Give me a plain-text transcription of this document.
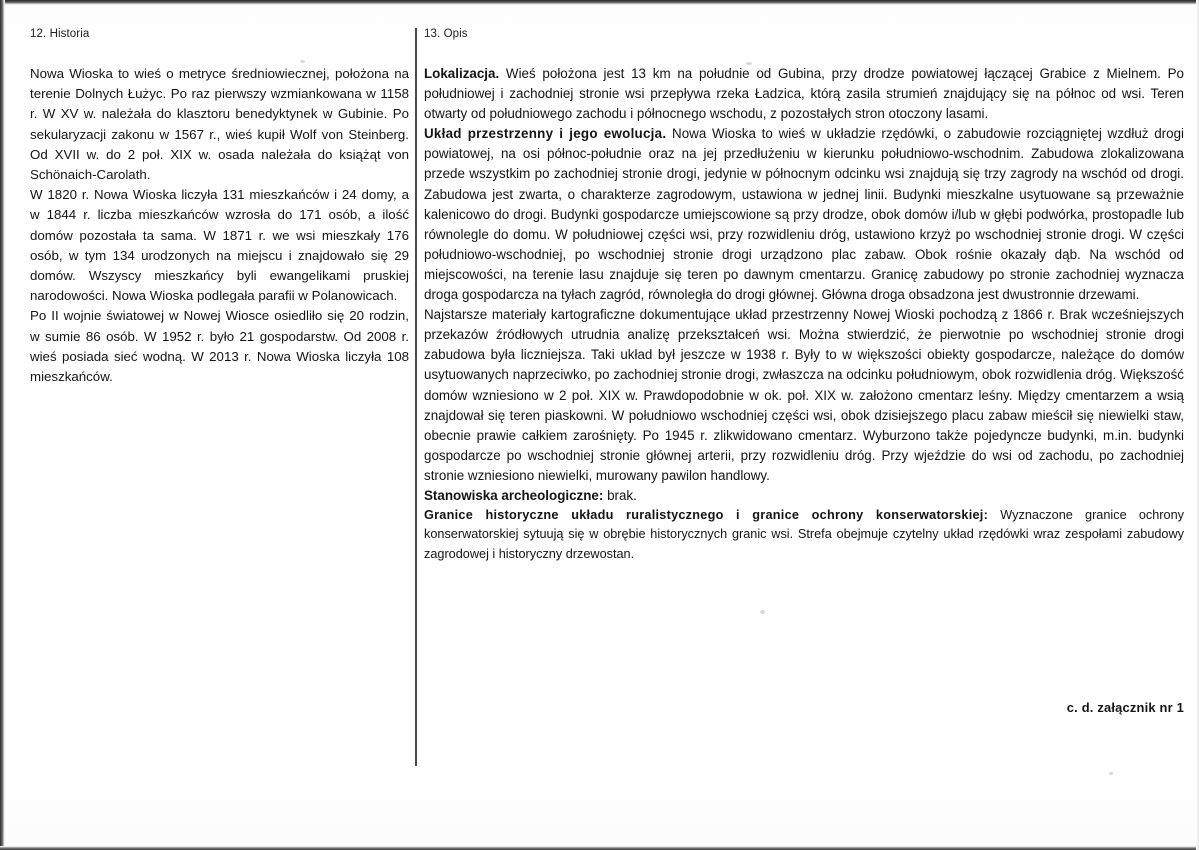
12. Historia

Nowa Wioska to wieś o metryce średniowiecznej, położona na terenie Dolnych Łużyc. Po raz pierwszy wzmiankowana w 1158 r. W XV w. należała do klasztoru benedyktynek w Gubinie. Po sekularyzacji zakonu w 1567 r., wieś kupił Wolf von Steinberg. Od XVII w. do 2 poł. XIX w. osada należała do książąt von Schönaich-Carolath.

W 1820 r. Nowa Wioska liczyła 131 mieszkańców i 24 domy, a w 1844 r. liczba mieszkańców wzrosła do 171 osób, a ilość domów pozostała ta sama. W 1871 r. we wsi mieszkały 176 osób, w tym 134 urodzonych na miejscu i znajdowało się 29 domów. Wszyscy mieszkańcy byli ewangelikami pruskiej narodowości. Nowa Wioska podlegała parafii w Polanowicach.

Po II wojnie światowej w Nowej Wiosce osiedliło się 20 rodzin, w sumie 86 osób. W 1952 r. było 21 gospodarstw. Od 2008 r. wieś posiada sieć wodną. W 2013 r. Nowa Wioska liczyła 108 mieszkańców.

13. Opis

Lokalizacja. Wieś położona jest 13 km na południe od Gubina, przy drodze powiatowej łączącej Grabice z Mielnem. Po południowej i zachodniej stronie wsi przepływa rzeka Ładzica, którą zasila strumień znajdujący się na północ od wsi. Teren otwarty od południowego zachodu i północnego wschodu, z pozostałych stron otoczony lasami.

Układ przestrzenny i jego ewolucja. Nowa Wioska to wieś w układzie rzędówki, o zabudowie rozciągniętej wzdłuż drogi powiatowej, na osi północ-południe oraz na jej przedłużeniu w kierunku południowo-wschodnim. Zabudowa zlokalizowana przede wszystkim po zachodniej stronie drogi, jedynie w północnym odcinku wsi znajdują się trzy zagrody na wschód od drogi. Zabudowa jest zwarta, o charakterze zagrodowym, ustawiona w jednej linii. Budynki mieszkalne usytuowane są przeważnie kalenicowo do drogi. Budynki gospodarcze umiejscowione są przy drodze, obok domów i/lub w głębi podwórka, prostopadle lub równolegle do domu. W południowej części wsi, przy rozwidleniu dróg, ustawiono krzyż po wschodniej stronie drogi. W części południowo-wschodniej, po wschodniej stronie drogi urządzono plac zabaw. Obok rośnie okazały dąb. Na wschód od miejscowości, na terenie lasu znajduje się teren po dawnym cmentarzu. Granicę zabudowy po stronie zachodniej wyznacza droga gospodarcza na tyłach zagród, równoległa do drogi głównej. Główna droga obsadzona jest dwustronnie drzewami.

Najstarsze materiały kartograficzne dokumentujące układ przestrzenny Nowej Wioski pochodzą z 1866 r. Brak wcześniejszych przekazów źródłowych utrudnia analizę przekształceń wsi. Można stwierdzić, że pierwotnie po wschodniej stronie drogi zabudowa była liczniejsza. Taki układ był jeszcze w 1938 r. Były to w większości obiekty gospodarcze, należące do domów usytuowanych naprzeciwko, po zachodniej stronie drogi, zwłaszcza na odcinku południowym, obok rozwidlenia dróg. Większość domów wzniesiono w 2 poł. XIX w. Prawdopodobnie w ok. poł. XIX w. założono cmentarz leśny. Między cmentarzem a wsią znajdował się teren piaskowni. W południowo wschodniej części wsi, obok dzisiejszego placu zabaw mieścił się niewielki staw, obecnie prawie całkiem zarośnięty. Po 1945 r. zlikwidowano cmentarz. Wyburzono także pojedyncze budynki, m.in. budynki gospodarcze po wschodniej stronie głównej arterii, przy rozwidleniu dróg. Przy wjeździe do wsi od zachodu, po zachodniej stronie wzniesiono niewielki, murowany pawilon handlowy.

Stanowiska archeologiczne: brak.

Granice historyczne układu ruralistycznego i granice ochrony konserwatorskiej: Wyznaczone granice ochrony konserwatorskiej sytuują się w obrębie historycznych granic wsi. Strefa obejmuje czytelny układ rzędówki wraz zespołami zabudowy zagrodowej i historyczny drzewostan.

c. d. załącznik nr 1
